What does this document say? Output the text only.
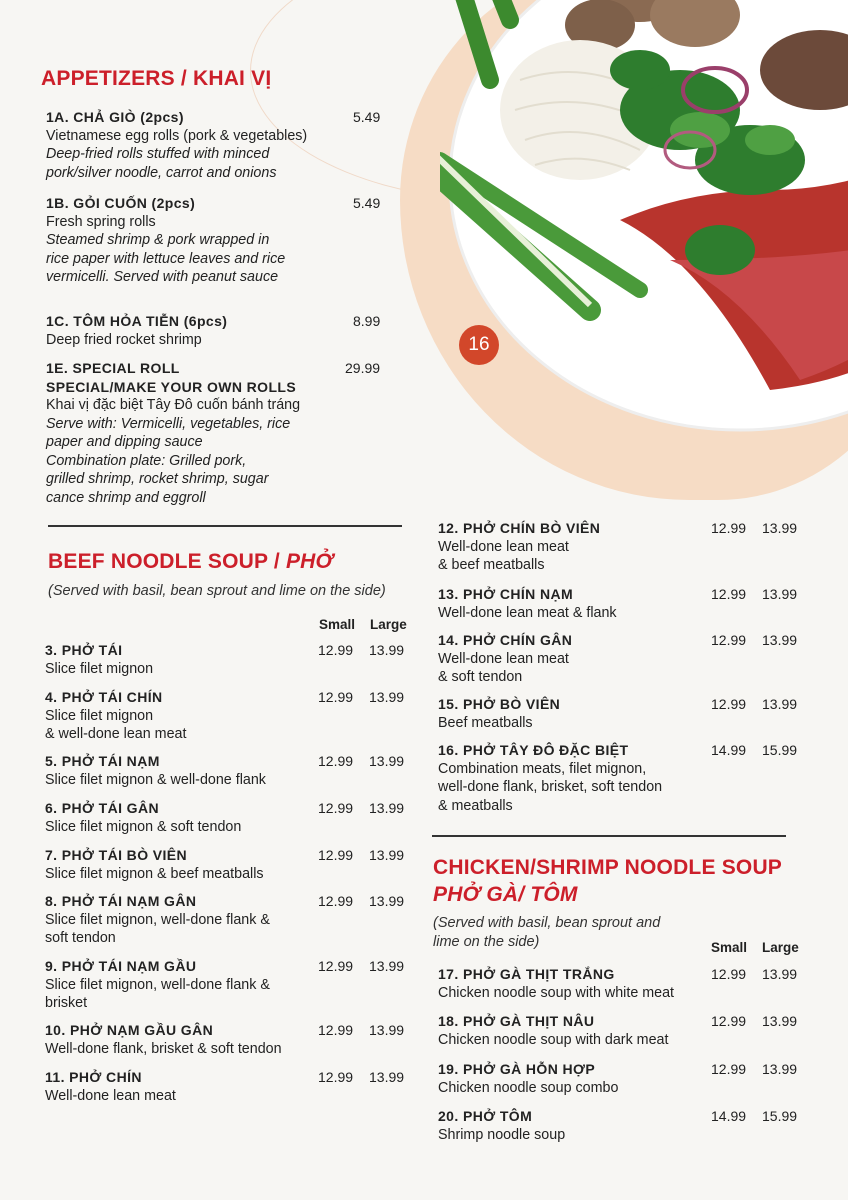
16
APPETIZERS / KHAI VỊ
1A. CHẢ GIÒ (2pcs)
Vietnamese egg rolls (pork & vegetables)
Deep-fried rolls stuffed with minced
pork/silver noodle, carrot and onions
5.49
1B. GỎI CUỐN (2pcs)
Fresh spring rolls
Steamed shrimp & pork wrapped in
rice paper with lettuce leaves and rice
vermicelli. Served with peanut sauce
5.49
1C. TÔM HỎA TIỄN (6pcs)
Deep fried rocket shrimp
8.99
1E. SPECIAL ROLL
SPECIAL/MAKE YOUR OWN ROLLS
Khai vị đặc biệt Tây Đô cuốn bánh tráng
Serve with: Vermicelli, vegetables, rice
paper and dipping sauce
Combination plate: Grilled pork,
grilled shrimp, rocket shrimp, sugar
cance shrimp and eggroll
29.99
BEEF NOODLE SOUP / PHỞ
(Served with basil, bean sprout and lime on the side)
Small Large
3. PHỞ TÁI
Slice filet mignon
12.99 13.99
4. PHỞ TÁI CHÍN
Slice filet mignon
& well-done lean meat
12.99 13.99
5. PHỞ TÁI NẠM
Slice filet mignon & well-done flank
12.99 13.99
6. PHỞ TÁI GÂN
Slice filet mignon & soft tendon
12.99 13.99
7. PHỞ TÁI BÒ VIÊN
Slice filet mignon & beef meatballs
12.99 13.99
8. PHỞ TÁI NẠM GÂN
Slice filet mignon, well-done flank &
soft tendon
12.99 13.99
9. PHỞ TÁI NẠM GẦU
Slice filet mignon, well-done flank &
brisket
12.99 13.99
10. PHỞ NẠM GẦU GÂN
Well-done flank, brisket & soft tendon
12.99 13.99
11. PHỞ CHÍN
Well-done lean meat
12.99 13.99
12. PHỞ CHÍN BÒ VIÊN
Well-done lean meat
& beef meatballs
12.99 13.99
13. PHỞ CHÍN NẠM
Well-done lean meat & flank
12.99 13.99
14. PHỞ CHÍN GÂN
Well-done lean meat
& soft tendon
12.99 13.99
15. PHỞ BÒ VIÊN
Beef meatballs
12.99 13.99
16. PHỞ TÂY ĐÔ ĐẶC BIỆT
Combination meats, filet mignon,
well-done flank, brisket, soft tendon
& meatballs
14.99 15.99
CHICKEN/SHRIMP NOODLE SOUP
PHỞ GÀ/ TÔM
(Served with basil, bean sprout and
lime on the side)	Small Large
17. PHỞ GÀ THỊT TRẮNG
Chicken noodle soup with white meat
12.99 13.99
18. PHỞ GÀ THỊT NÂU
Chicken noodle soup with dark meat
12.99 13.99
19. PHỞ GÀ HỖN HỢP
Chicken noodle soup combo
12.99 13.99
20. PHỞ TÔM
Shrimp noodle soup
14.99 15.99
